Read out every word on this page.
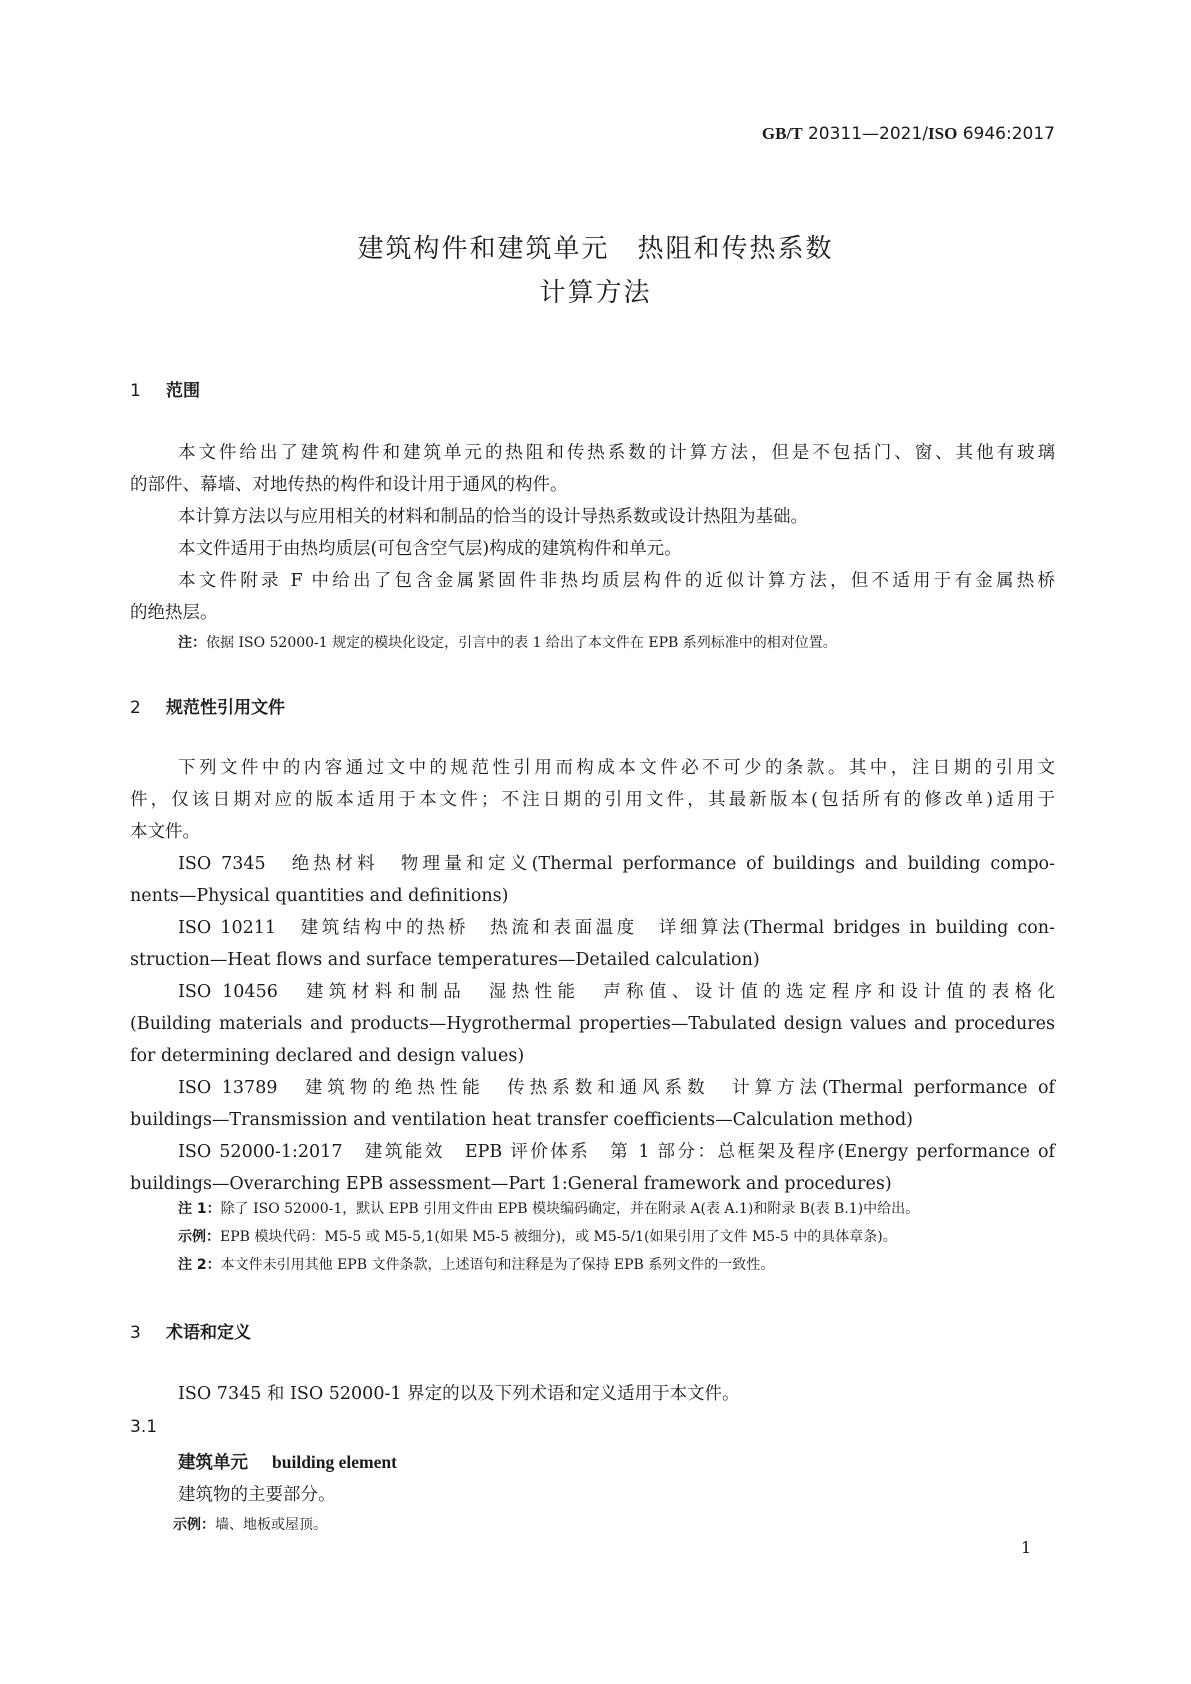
GB/T 20311—2021/ISO 6946:2017
建筑构件和建筑单元　热阻和传热系数
计算方法
1 范围
本文件给出了建筑构件和建筑单元的热阻和传热系数的计算方法，但是不包括门、窗、其他有玻璃
的部件、幕墙、对地传热的构件和设计用于通风的构件。
本计算方法以与应用相关的材料和制品的恰当的设计导热系数或设计热阻为基础。
本文件适用于由热均质层(可包含空气层)构成的建筑构件和单元。
本文件附录 F 中给出了包含金属紧固件非热均质层构件的近似计算方法，但不适用于有金属热桥
的绝热层。
注：依据 ISO 52000-1 规定的模块化设定，引言中的表 1 给出了本文件在 EPB 系列标准中的相对位置。
2 规范性引用文件
下列文件中的内容通过文中的规范性引用而构成本文件必不可少的条款。其中，注日期的引用文
件，仅该日期对应的版本适用于本文件；不注日期的引用文件，其最新版本(包括所有的修改单)适用于
本文件。
ISO 7345　绝热材料　物理量和定义(Thermal performance of buildings and building compo-
nents—Physical quantities and definitions)
ISO 10211　建筑结构中的热桥　热流和表面温度　详细算法(Thermal bridges in building con-
struction—Heat flows and surface temperatures—Detailed calculation)
ISO 10456　建筑材料和制品　湿热性能　声称值、设计值的选定程序和设计值的表格化
(Building materials and products—Hygrothermal properties—Tabulated design values and procedures
for determining declared and design values)
ISO 13789　建筑物的绝热性能　传热系数和通风系数　计算方法(Thermal performance of
buildings—Transmission and ventilation heat transfer coefficients—Calculation method)
ISO 52000-1:2017　建筑能效　EPB 评价体系　第 1 部分：总框架及程序(Energy performance of
buildings—Overarching EPB assessment—Part 1:General framework and procedures)
注 1：除了 ISO 52000-1，默认 EPB 引用文件由 EPB 模块编码确定，并在附录 A(表 A.1)和附录 B(表 B.1)中给出。
示例：EPB 模块代码：M5-5 或 M5-5,1(如果 M5-5 被细分)，或 M5-5/1(如果引用了文件 M5-5 中的具体章条)。
注 2：本文件未引用其他 EPB 文件条款，上述语句和注释是为了保持 EPB 系列文件的一致性。
3 术语和定义
ISO 7345 和 ISO 52000-1 界定的以及下列术语和定义适用于本文件。
3.1
建筑单元 building element
建筑物的主要部分。
示例：墙、地板或屋顶。
1
